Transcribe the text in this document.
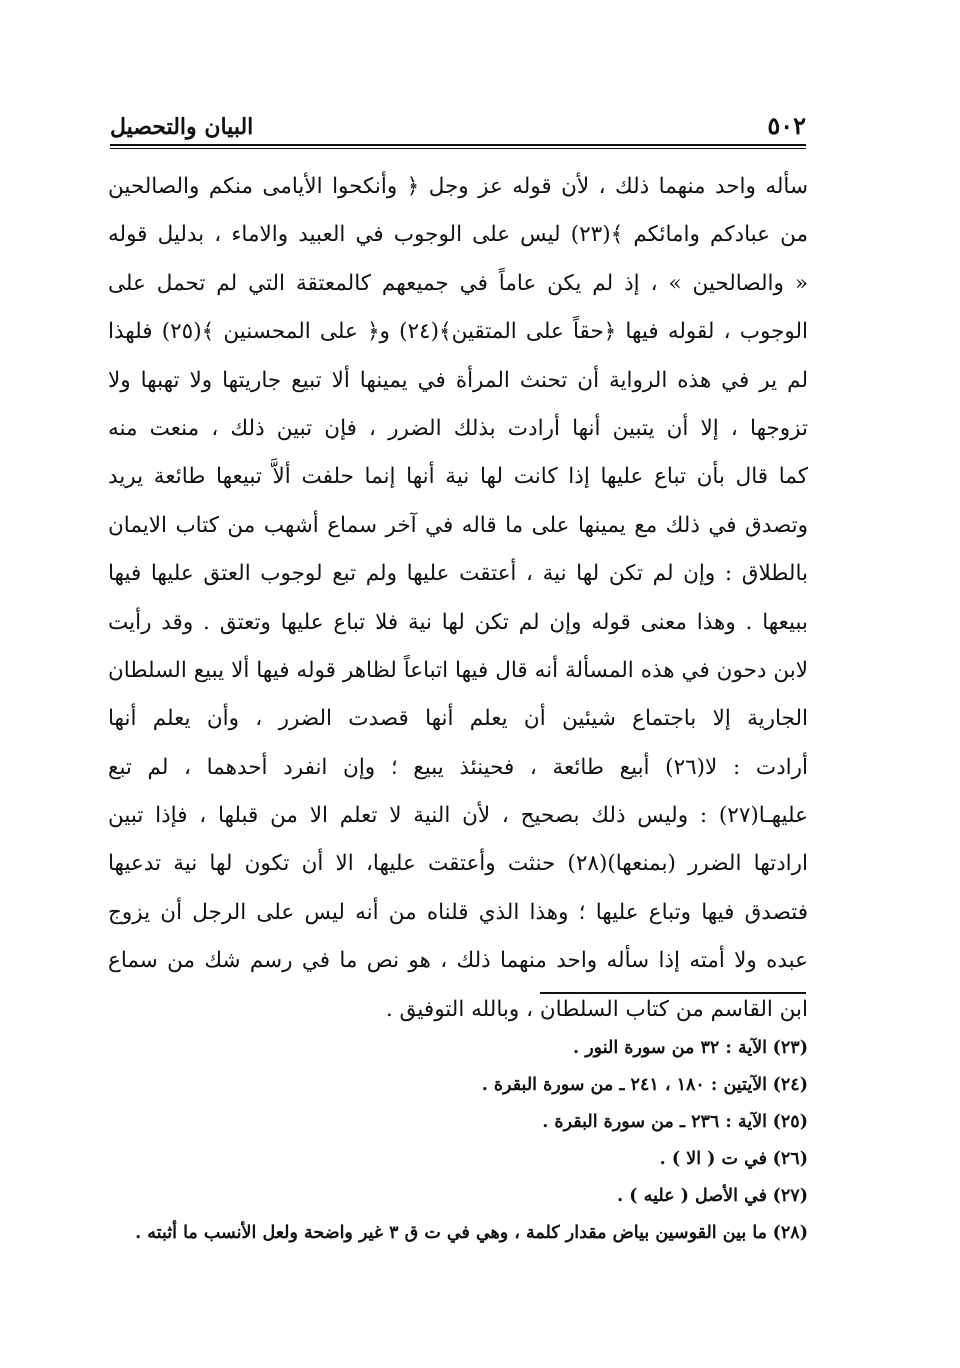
٥٠٢
البيان والتحصيل
سأله واحد منهما ذلك ، لأن قوله عز وجل ﴿ وأنكحوا الأيامى منكم والصالحين
من عبادكم وامائكم ﴾(٢٣) ليس على الوجوب في العبيد والاماء ، بدليل قوله
« والصالحين » ، إذ لم يكن عاماً في جميعهم كالمعتقة التي لم تحمل على
الوجوب ، لقوله فيها ﴿حقاً على المتقين﴾(٢٤) و﴿ على المحسنين ﴾(٢٥) فلهذا
لم ير في هذه الرواية أن تحنث المرأة في يمينها ألا تبيع جاريتها ولا تهبها ولا
تزوجها ، إلا أن يتبين أنها أرادت بذلك الضرر ، فإن تبين ذلك ، منعت منه
كما قال بأن تباع عليها إذا كانت لها نية أنها إنما حلفت ألاَّ تبيعها طائعة يريد
وتصدق في ذلك مع يمينها على ما قاله في آخر سماع أشهب من كتاب الايمان
بالطلاق : وإن لم تكن لها نية ، أعتقت عليها ولم تبع لوجوب العتق عليها فيها
ببيعها . وهذا معنى قوله وإن لم تكن لها نية فلا تباع عليها وتعتق . وقد رأيت
لابن دحون في هذه المسألة أنه قال فيها اتباعاً لظاهر قوله فيها ألا يبيع السلطان
الجارية إلا باجتماع شيئين أن يعلم أنها قصدت الضرر ، وأن يعلم أنها
أرادت : لا(٢٦) أبيع طائعة ، فحينئذ يبيع ؛ وإن انفرد أحدهما ، لم تبع
عليهـا(٢٧) : وليس ذلك بصحيح ، لأن النية لا تعلم الا من قبلها ، فإذا تبين
ارادتها الضرر (بمنعها)(٢٨) حنثت وأعتقت عليها، الا أن تكون لها نية تدعيها
فتصدق فيها وتباع عليها ؛ وهذا الذي قلناه من أنه ليس على الرجل أن يزوج
عبده ولا أمته إذا سأله واحد منهما ذلك ، هو نص ما في رسم شك من سماع
ابن القاسم من كتاب السلطان ، وبالله التوفيق .
(٢٣) الآية : ٣٢ من سورة النور .
(٢٤) الآيتين : ١٨٠ ، ٢٤١ ـ من سورة البقرة .
(٢٥) الآية : ٢٣٦ ـ من سورة البقرة .
(٢٦) في ت ( الا ) .
(٢٧) في الأصل ( عليه ) .
(٢٨) ما بين القوسين بياض مقدار كلمة ، وهي في ت ق ٣ غير واضحة ولعل الأنسب ما أثبته .
